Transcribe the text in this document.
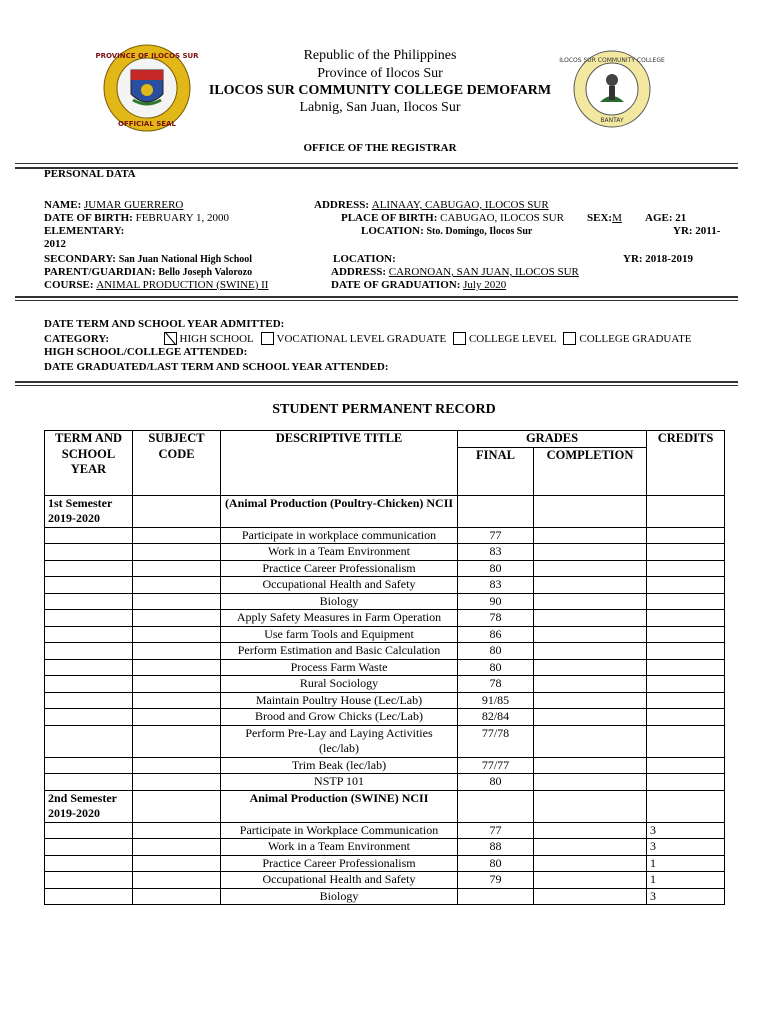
PROVINCE OF ILOCOS SUR
OFFICIAL SEAL
ILOCOS SUR COMMUNITY COLLEGE
BANTAY
Republic of the Philippines
Province of Ilocos Sur
ILOCOS SUR COMMUNITY COLLEGE DEMOFARM
Labnig, San Juan, Ilocos Sur
OFFICE OF THE REGISTRAR
PERSONAL DATA
NAME: JUMAR GUERRERO	ADDRESS: ALINAAY, CABUGAO, ILOCOS SUR
DATE OF BIRTH: FEBRUARY 1, 2000	PLACE OF BIRTH: CABUGAO, ILOCOS SUR SEX:M AGE: 21
ELEMENTARY:	LOCATION: Sto. Domingo, Ilocos Sur	YR: 2011-
2012
SECONDARY: San Juan National High School	LOCATION:	YR: 2018-2019
PARENT/GUARDIAN: Bello Joseph Valorozo	ADDRESS: CARONOAN, SAN JUAN, ILOCOS SUR
COURSE: ANIMAL PRODUCTION (SWINE) II	DATE OF GRADUATION: July 2020
DATE TERM AND SCHOOL YEAR ADMITTED:
CATEGORY:	HIGH SCHOOL VOCATIONAL LEVEL GRADUATE COLLEGE LEVEL COLLEGE GRADUATE
HIGH SCHOOL/COLLEGE ATTENDED:
DATE GRADUATED/LAST TERM AND SCHOOL YEAR ATTENDED:
STUDENT PERMANENT RECORD
TERM AND SCHOOL YEAR	SUBJECT CODE	DESCRIPTIVE TITLE	GRADES		CREDITS
			FINAL	COMPLETION	
1st Semester 2019-2020		(Animal Production (Poultry-Chicken) NCII			
		Participate in workplace communication	77		
		Work in a Team Environment	83		
		Practice Career Professionalism	80		
		Occupational Health and Safety	83		
		Biology	90		
		Apply Safety Measures in Farm Operation	78		
		Use farm Tools and Equipment	86		
		Perform Estimation and Basic Calculation	80		
		Process Farm Waste	80		
		Rural Sociology	78		
		Maintain Poultry House (Lec/Lab)	91/85		
		Brood and Grow Chicks (Lec/Lab)	82/84		
		Perform Pre-Lay and Laying Activities (lec/lab)	77/78		
		Trim Beak (lec/lab)	77/77		
		NSTP 101	80		
2nd Semester 2019-2020		Animal Production (SWINE) NCII			
		Participate in Workplace Communication	77		3
		Work in a Team Environment	88		3
		Practice Career Professionalism	80		1
		Occupational Health and Safety	79		1
		Biology			3
